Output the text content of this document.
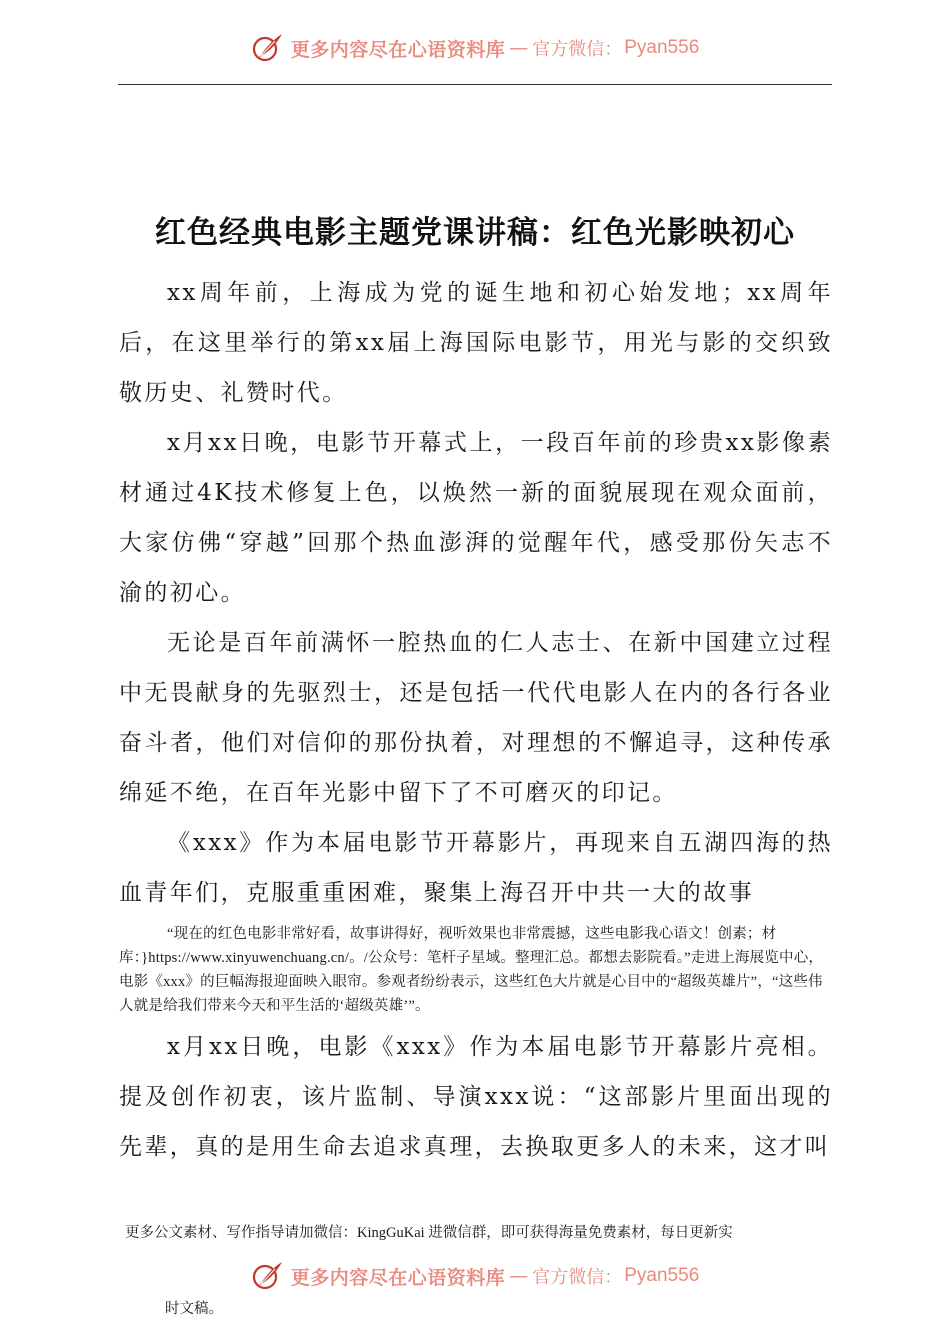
更多内容尽在心语资料库 — 官方微信： Pyan556
红色经典电影主题党课讲稿：红色光影映初心

xx周年前，上海成为党的诞生地和初心始发地；xx周年后，在这里举行的第xx届上海国际电影节，用光与影的交织致敬历史、礼赞时代。

x月xx日晚，电影节开幕式上，一段百年前的珍贵xx影像素材通过4K技术修复上色，以焕然一新的面貌展现在观众面前，大家仿佛“穿越”回那个热血澎湃的觉醒年代，感受那份矢志不渝的初心。

无论是百年前满怀一腔热血的仁人志士、在新中国建立过程中无畏献身的先驱烈士，还是包括一代代电影人在内的各行各业奋斗者，他们对信仰的那份执着，对理想的不懈追寻，这种传承绵延不绝，在百年光影中留下了不可磨灭的印记。

《xxx》作为本届电影节开幕影片，再现来自五湖四海的热血青年们，克服重重困难，聚集上海召开中共一大的故事

“现在的红色电影非常好看，故事讲得好，视听效果也非常震撼，这些电影我心语文！创素；材库：}https://www.xinyuwenchuang.cn/。/公众号：笔杆子星域。整理汇总。都想去影院看。”走进上海展览中心，电影《xxx》的巨幅海报迎面映入眼帘。参观者纷纷表示，这些红色大片就是心目中的“超级英雄片”，“这些伟人就是给我们带来今天和平生活的‘超级英雄’”。

x月xx日晚，电影《xxx》作为本届电影节开幕影片亮相。提及创作初衷，该片监制、导演xxx说：“这部影片里面出现的先辈，真的是用生命去追求真理，去换取更多人的未来，这才叫

更多公文素材、写作指导请加微信：KingGuKai 进微信群，即可获得海量免费素材，每日更新实
更多内容尽在心语资料库 — 官方微信： Pyan556
时文稿。
